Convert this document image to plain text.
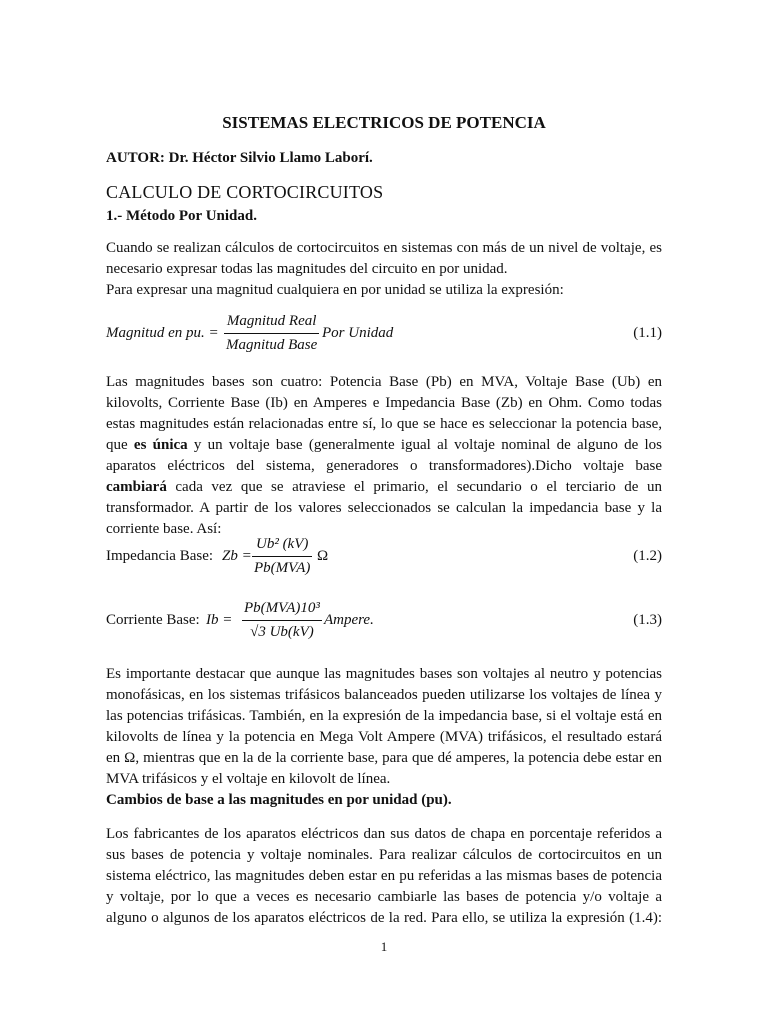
SISTEMAS ELECTRICOS DE POTENCIA
AUTOR: Dr. Héctor Silvio Llamo Laborí.
CALCULO DE CORTOCIRCUITOS
1.- Método Por Unidad.
Cuando se realizan cálculos de cortocircuitos en sistemas con más de un nivel de voltaje, es
necesario expresar todas las magnitudes del circuito en por unidad.
Para expresar una magnitud cualquiera en por unidad se utiliza la expresión:
Magnitud en pu. =
Magnitud Real
Magnitud Base
Por Unidad	(1.1)
Las magnitudes bases son cuatro: Potencia Base (Pb) en MVA, Voltaje Base (Ub) en
kilovolts, Corriente Base (Ib) en Amperes e Impedancia Base (Zb) en Ohm. Como todas
estas magnitudes están relacionadas entre sí, lo que se hace es seleccionar la potencia base,
que es única y un voltaje base (generalmente igual al voltaje nominal de alguno de los
aparatos eléctricos del sistema, generadores o transformadores).Dicho voltaje base
cambiará cada vez que se atraviese el primario, el secundario o el terciario de un
transformador. A partir de los valores seleccionados se calculan la impedancia base y la
corriente base. Así:
Impedancia Base: Zb =
Ub² (kV)
Pb(MVA)
Ω	(1.2)
Corriente Base: Ib =
Pb(MVA)10³
√3 Ub(kV)
Ampere.	(1.3)
Es importante destacar que aunque las magnitudes bases son voltajes al neutro y potencias
monofásicas, en los sistemas trifásicos balanceados pueden utilizarse los voltajes de línea y
las potencias trifásicas. También, en la expresión de la impedancia base, si el voltaje está en
kilovolts de línea y la potencia en Mega Volt Ampere (MVA) trifásicos, el resultado estará
en Ω, mientras que en la de la corriente base, para que dé amperes, la potencia debe estar en
MVA trifásicos y el voltaje en kilovolt de línea.
Cambios de base a las magnitudes en por unidad (pu).
Los fabricantes de los aparatos eléctricos dan sus datos de chapa en porcentaje referidos a
sus bases de potencia y voltaje nominales. Para realizar cálculos de cortocircuitos en un
sistema eléctrico, las magnitudes deben estar en pu referidas a las mismas bases de potencia
y voltaje, por lo que a veces es necesario cambiarle las bases de potencia y/o voltaje a
alguno o algunos de los aparatos eléctricos de la red. Para ello, se utiliza la expresión (1.4):
1
